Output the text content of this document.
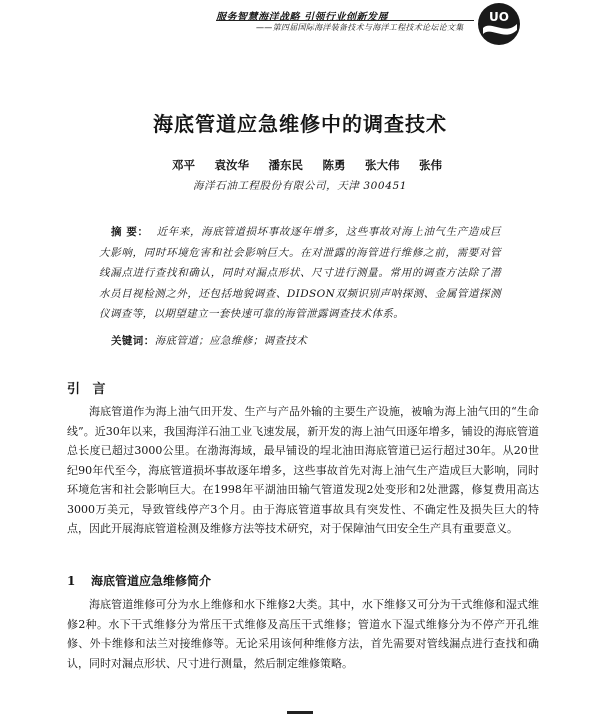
服务智慧海洋战略 引领行业创新发展
——第四届国际海洋装备技术与海洋工程技术论坛论文集
UO
海底管道应急维修中的调查技术
邓平 袁汝华 潘东民 陈勇 张大伟 张伟
海洋石油工程股份有限公司，天津 300451
摘 要： 近年来，海底管道损坏事故逐年增多，这些事故对海上油气生产造成巨大影响，同时环境危害和社会影响巨大。在对泄露的海管进行维修之前，需要对管线漏点进行查找和确认，同时对漏点形状、尺寸进行测量。常用的调查方法除了潜水员目视检测之外，还包括地貌调查、DIDSON双频识别声呐探测、金属管道探测仪调查等，以期望建立一套快速可靠的海管泄露调查技术体系。
关键词：海底管道；应急维修；调查技术
引 言
海底管道作为海上油气田开发、生产与产品外输的主要生产设施，被喻为海上油气田的“生命线”。近30年以来，我国海洋石油工业飞速发展，新开发的海上油气田逐年增多，铺设的海底管道总长度已超过3000公里。在渤海海域，最早铺设的埕北油田海底管道已运行超过30年。从20世纪90年代至今，海底管道损坏事故逐年增多，这些事故首先对海上油气生产造成巨大影响，同时环境危害和社会影响巨大。在1998年平湖油田输气管道发现2处变形和2处泄露，修复费用高达3000万美元，导致管线停产3个月。由于海底管道事故具有突发性、不确定性及损失巨大的特点，因此开展海底管道检测及维修方法等技术研究，对于保障油气田安全生产具有重要意义。
1 海底管道应急维修简介
海底管道维修可分为水上维修和水下维修2大类。其中，水下维修又可分为干式维修和湿式维修2种。水下干式维修分为常压干式维修及高压干式维修；管道水下湿式维修分为不停产开孔维修、外卡维修和法兰对接维修等。无论采用该何种维修方法，首先需要对管线漏点进行查找和确认，同时对漏点形状、尺寸进行测量，然后制定维修策略。
